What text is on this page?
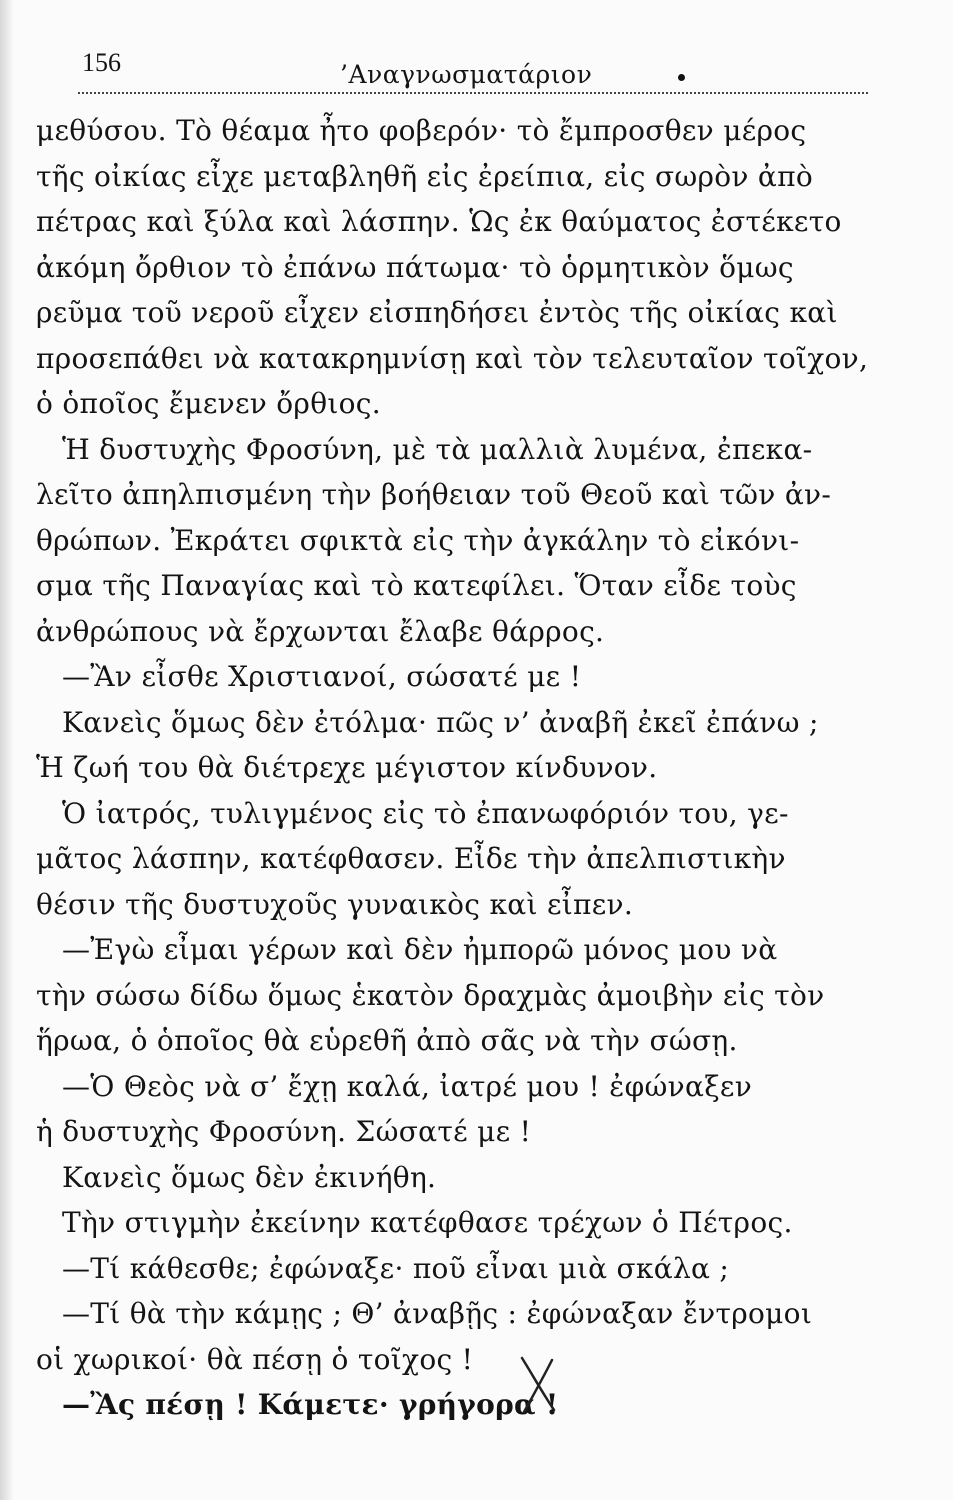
156	’Αναγνωσματάριον
μεθύσου. Τὸ θέαμα ἦτο φοβερόν· τὸ ἔμπροσθεν μέρος
τῆς οἰκίας εἶχε μεταβληθῆ εἰς ἐρείπια, εἰς σωρὸν ἀπὸ
πέτρας καὶ ξύλα καὶ λάσπην. Ὡς ἐκ θαύματος ἐστέκετο
ἀκόμη ὄρθιον τὸ ἐπάνω πάτωμα· τὸ ὁρμητικὸν ὅμως
ρεῦμα τοῦ νεροῦ εἶχεν εἰσπηδήσει ἐντὸς τῆς οἰκίας καὶ
προσεπάθει νὰ κατακρημνίσῃ καὶ τὸν τελευταῖον τοῖχον,
ὁ ὁποῖος ἔμενεν ὄρθιος.
Ἡ δυστυχὴς Φροσύνη, μὲ τὰ μαλλιὰ λυμένα, ἐπεκα-
λεῖτο ἀπηλπισμένη τὴν βοήθειαν τοῦ Θεοῦ καὶ τῶν ἀν-
θρώπων. Ἐκράτει σφικτὰ εἰς τὴν ἀγκάλην τὸ εἰκόνι-
σμα τῆς Παναγίας καὶ τὸ κατεφίλει. Ὅταν εἶδε τοὺς
ἀνθρώπους νὰ ἔρχωνται ἔλαβε θάρρος.
—Ἂν εἶσθε Χριστιανοί, σώσατέ με !
Κανεὶς ὅμως δὲν ἐτόλμα· πῶς ν’ ἀναβῆ ἐκεῖ ἐπάνω ;
Ἡ ζωή του θὰ διέτρεχε μέγιστον κίνδυνον.
Ὁ ἰατρός, τυλιγμένος εἰς τὸ ἐπανωφόριόν του, γε-
μᾶτος λάσπην, κατέφθασεν. Εἶδε τὴν ἀπελπιστικὴν
θέσιν τῆς δυστυχοῦς γυναικὸς καὶ εἶπεν.
—Ἐγὼ εἶμαι γέρων καὶ δὲν ἠμπορῶ μόνος μου νὰ
τὴν σώσω δίδω ὅμως ἑκατὸν δραχμὰς ἀμοιβὴν εἰς τὸν
ἥρωα, ὁ ὁποῖος θὰ εὑρεθῆ ἀπὸ σᾶς νὰ τὴν σώσῃ.
—Ὁ Θεὸς νὰ σ’ ἔχῃ καλά, ἰατρέ μου ! ἐφώναξεν
ἡ δυστυχὴς Φροσύνη. Σώσατέ με !
Κανεὶς ὅμως δὲν ἐκινήθη.
Τὴν στιγμὴν ἐκείνην κατέφθασε τρέχων ὁ Πέτρος.
—Τί κάθεσθε; ἐφώναξε· ποῦ εἶναι μιὰ σκάλα ;
—Τί θὰ τὴν κάμῃς ; Θ’ ἀναβῇς : ἐφώναξαν ἔντρομοι
οἱ χωρικοί· θὰ πέσῃ ὁ τοῖχος !
—Ἂς πέσῃ ! Κάμετε· γρήγορα !
